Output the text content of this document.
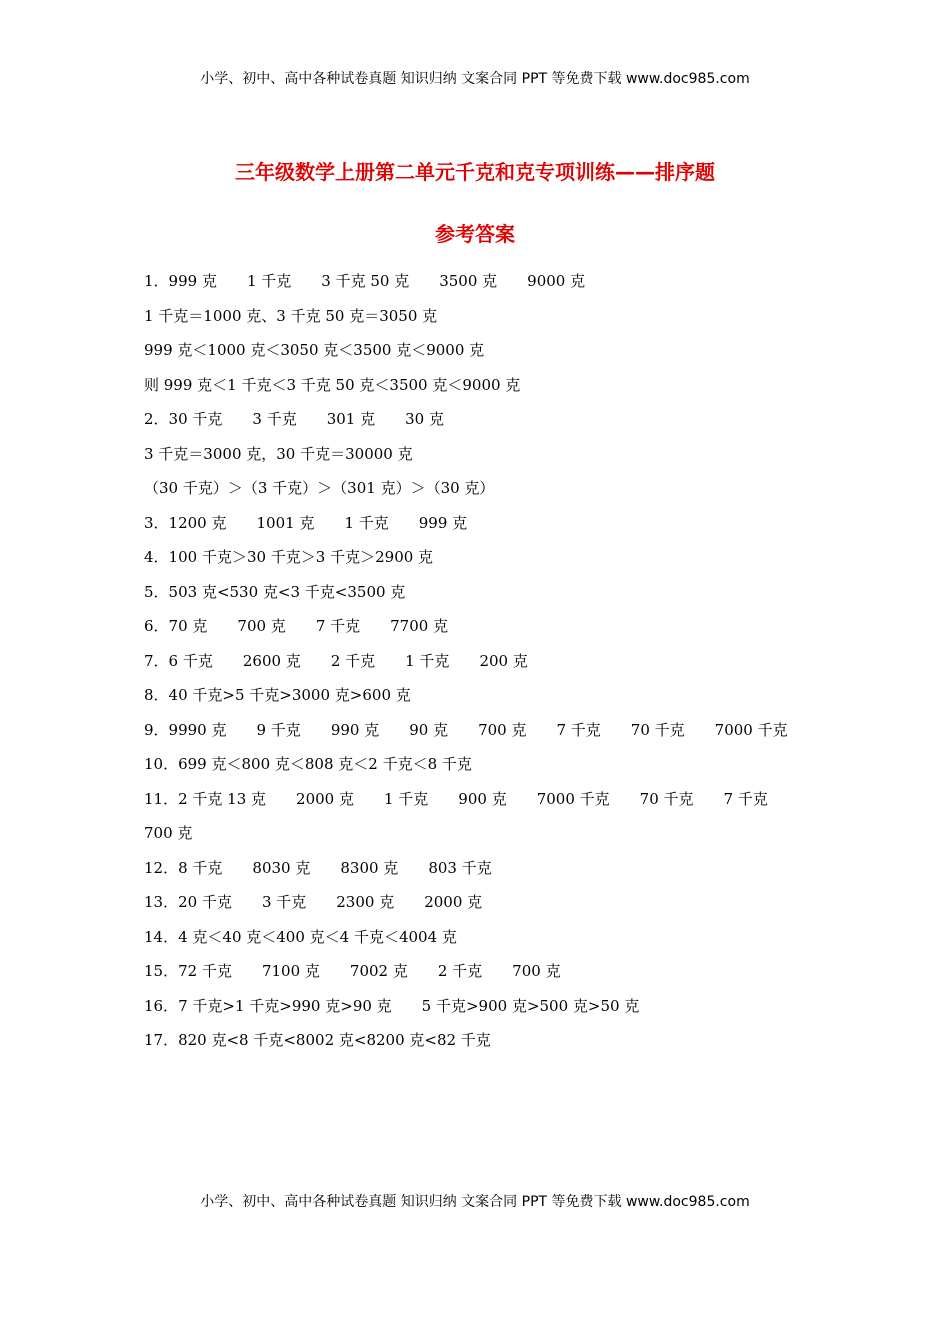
小学、初中、高中各种试卷真题 知识归纳 文案合同 PPT 等免费下载 www.doc985.com
三年级数学上册第二单元千克和克专项训练——排序题
参考答案
1．999 克 1 千克 3 千克 50 克 3500 克 9000 克
1 千克＝1000 克、3 千克 50 克＝3050 克
999 克＜1000 克＜3050 克＜3500 克＜9000 克
则 999 克＜1 千克＜3 千克 50 克＜3500 克＜9000 克
2．30 千克 3 千克 301 克 30 克
3 千克＝3000 克，30 千克＝30000 克
（30 千克）＞（3 千克）＞（301 克）＞（30 克）
3．1200 克 1001 克 1 千克 999 克
4．100 千克＞30 千克＞3 千克＞2900 克
5．503 克<530 克<3 千克<3500 克
6．70 克 700 克 7 千克 7700 克
7．6 千克 2600 克 2 千克 1 千克 200 克
8．40 千克>5 千克>3000 克>600 克
9．9990 克 9 千克 990 克 90 克 700 克 7 千克 70 千克 7000 千克
10．699 克＜800 克＜808 克＜2 千克＜8 千克
11．2 千克 13 克 2000 克 1 千克 900 克 7000 千克 70 千克 7 千克
700 克
12．8 千克 8030 克 8300 克 803 千克
13．20 千克 3 千克 2300 克 2000 克
14．4 克＜40 克＜400 克＜4 千克＜4004 克
15．72 千克 7100 克 7002 克 2 千克 700 克
16．7 千克>1 千克>990 克>90 克 5 千克>900 克>500 克>50 克
17．820 克<8 千克<8002 克<8200 克<82 千克
小学、初中、高中各种试卷真题 知识归纳 文案合同 PPT 等免费下载 www.doc985.com
